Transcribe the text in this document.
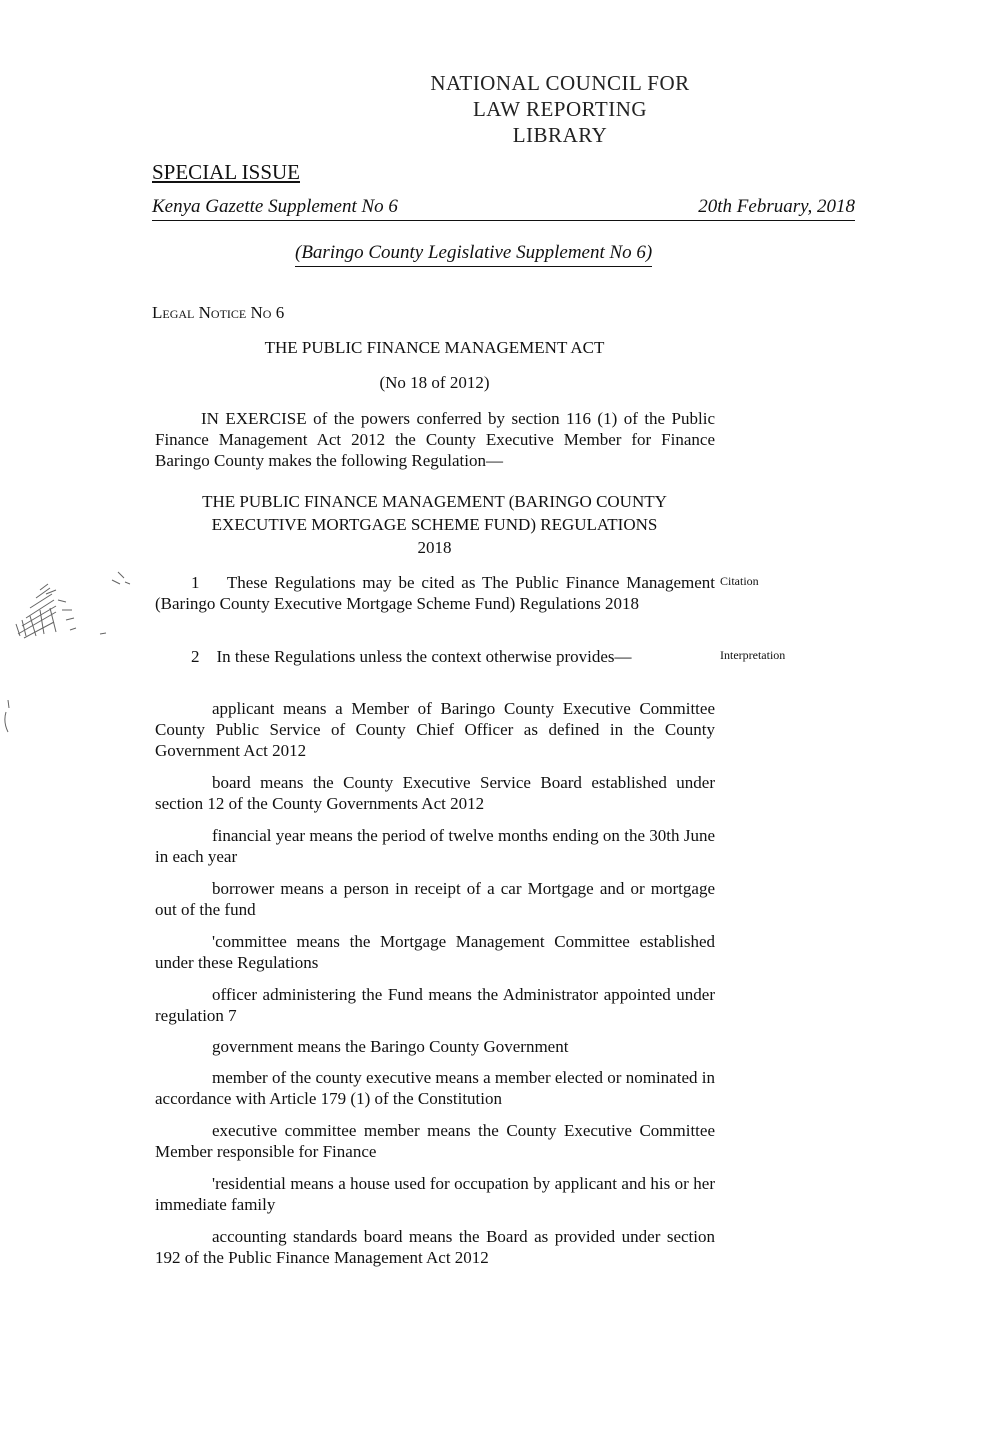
NATIONAL COUNCIL FOR
LAW REPORTING
LIBRARY
SPECIAL ISSUE
Kenya Gazette Supplement No 6	20th February, 2018
(Baringo County Legislative Supplement No 6)
Legal Notice No 6
THE PUBLIC FINANCE MANAGEMENT ACT
(No 18 of 2012)
IN EXERCISE of the powers conferred by section 116 (1) of the Public Finance Management Act 2012 the County Executive Member for Finance Baringo County makes the following Regulation—
THE PUBLIC FINANCE MANAGEMENT (BARINGO COUNTY
EXECUTIVE MORTGAGE SCHEME FUND) REGULATIONS
2018
1 These Regulations may be cited as The Public Finance Management (Baringo County Executive Mortgage Scheme Fund) Regulations 2018
Citation
2 In these Regulations unless the context otherwise provides—	Interpretation
applicant means a Member of Baringo County Executive Committee County Public Service of County Chief Officer as defined in the County Government Act 2012
board means the County Executive Service Board established under section 12 of the County Governments Act 2012
financial year means the period of twelve months ending on the 30th June in each year
borrower means a person in receipt of a car Mortgage and or mortgage out of the fund
'committee means the Mortgage Management Committee established under these Regulations
officer administering the Fund means the Administrator appointed under regulation 7
government means the Baringo County Government
member of the county executive means a member elected or nominated in accordance with Article 179 (1) of the Constitution
executive committee member means the County Executive Committee Member responsible for Finance
'residential means a house used for occupation by applicant and his or her immediate family
accounting standards board means the Board as provided under section 192 of the Public Finance Management Act 2012
